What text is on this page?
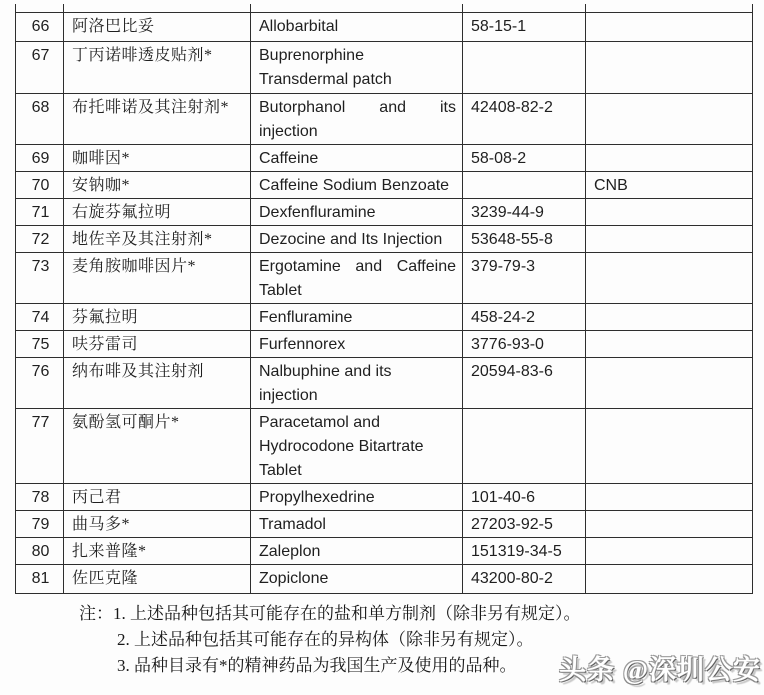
66	阿洛巴比妥	Allobarbital	58-15-1	
67	丁丙诺啡透皮贴剂*	Buprenorphine
Transdermal patch		

68	布托啡诺及其注射剂*	Butorphanol and its
injection	42408-82-2	
69	咖啡因*	Caffeine	58-08-2	
70	安钠咖*	Caffeine Sodium Benzoate		CNB
71	右旋芬氟拉明	Dexfenfluramine	3239-44-9	
72	地佐辛及其注射剂*	Dezocine and Its Injection	53648-55-8	
73	麦角胺咖啡因片*	Ergotamine and Caffeine
Tablet	379-79-3	
74	芬氟拉明	Fenfluramine	458-24-2	
75	呋芬雷司	Furfennorex	3776-93-0	
76	纳布啡及其注射剂	Nalbuphine and its
injection	20594-83-6	
77	氨酚氢可酮片*	Paracetamol and
Hydrocodone Bitartrate
Tablet		

78	丙己君	Propylhexedrine	101-40-6	
79	曲马多*	Tramadol	27203-92-5	
80	扎来普隆*	Zaleplon	151319-34-5	
81	佐匹克隆	Zopiclone	43200-80-2	
注： 1. 上述品种包括其可能存在的盐和单方制剂（除非另有规定）。
2. 上述品种包括其可能存在的异构体（除非另有规定）。
3. 品种目录有*的精神药品为我国生产及使用的品种。	头条 @深圳公安
